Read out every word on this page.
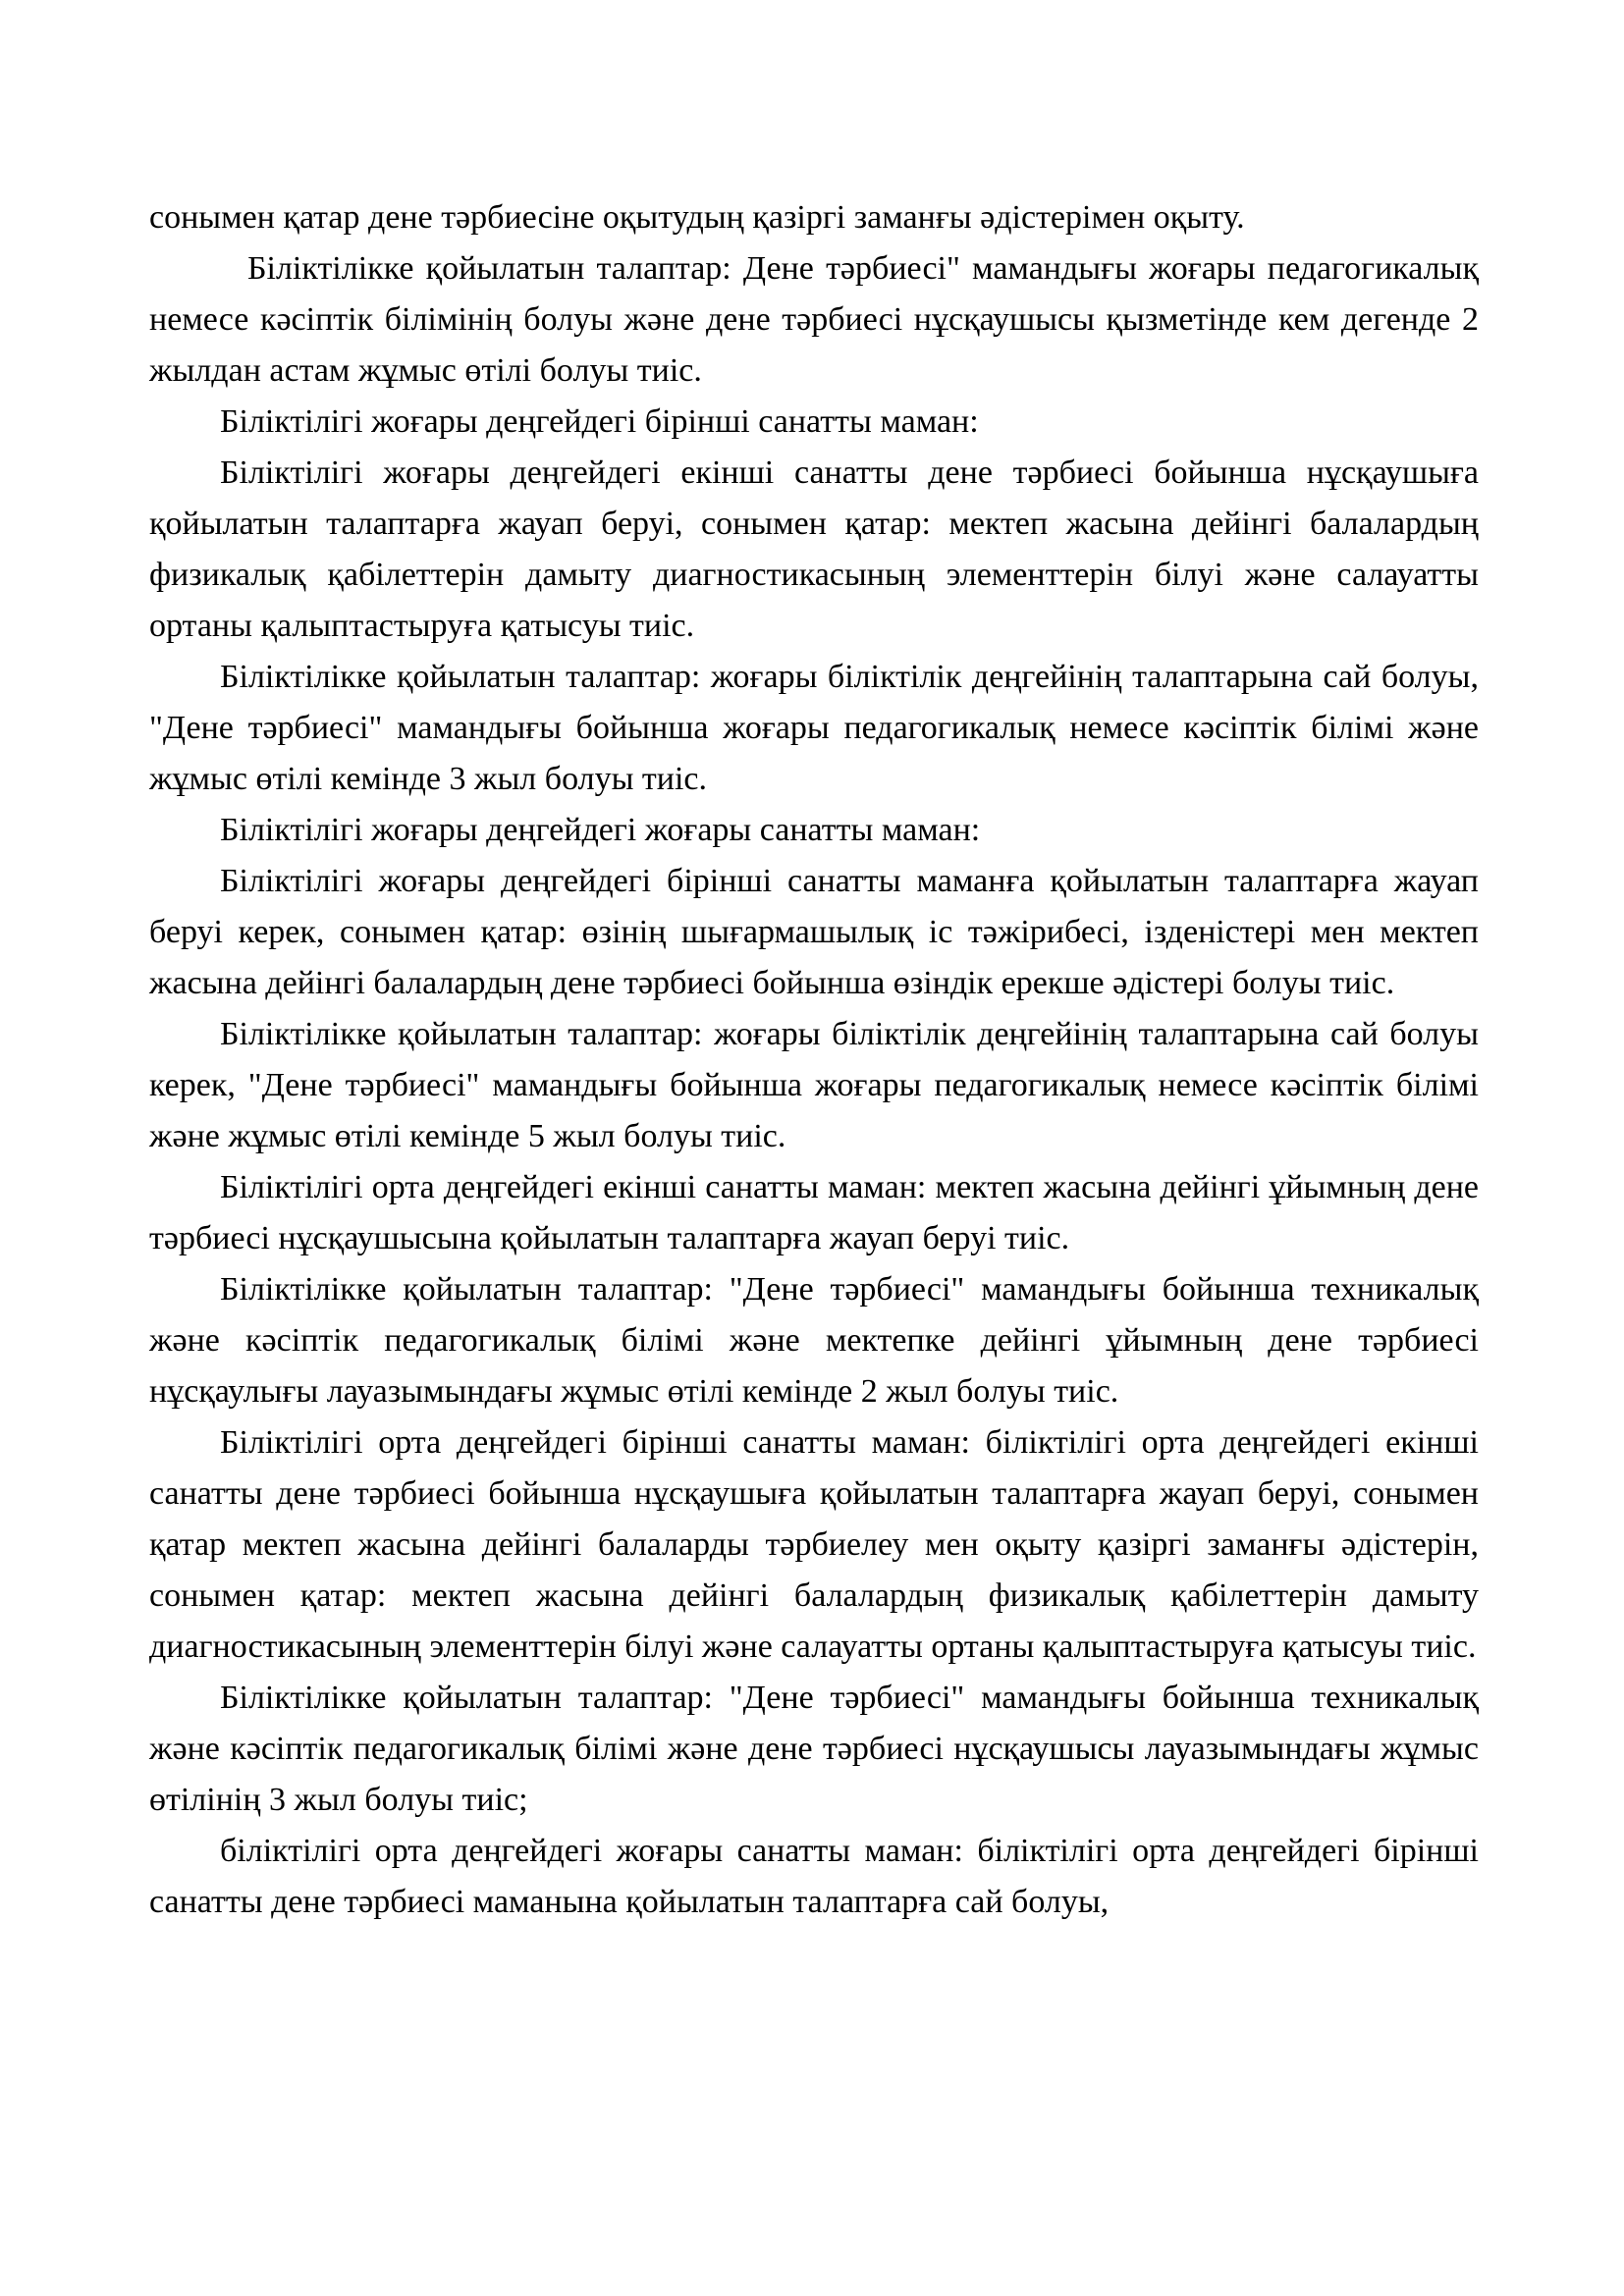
сонымен қатар дене тәрбиесіне оқытудың қазіргі заманғы әдістерімен оқыту.

Біліктілікке қойылатын талаптар: Дене тәрбиесі" мамандығы жоғары педагогикалық немесе кәсіптік білімінің болуы және дене тәрбиесі нұсқаушысы қызметінде кем дегенде 2 жылдан астам жұмыс өтілі болуы тиіс.

Біліктілігі жоғары деңгейдегі бірінші санатты маман:

Біліктілігі жоғары деңгейдегі екінші санатты дене тәрбиесі бойынша нұсқаушыға қойылатын талаптарға жауап беруі, сонымен қатар: мектеп жасына дейінгі балалардың физикалық қабілеттерін дамыту диагностикасының элементтерін білуі және салауатты ортаны қалыптастыруға қатысуы тиіс.

Біліктілікке қойылатын талаптар: жоғары біліктілік деңгейінің талаптарына сай болуы, "Дене тәрбиесі" мамандығы бойынша жоғары педагогикалық немесе кәсіптік білімі және жұмыс өтілі кемінде 3 жыл болуы тиіс.

Біліктілігі жоғары деңгейдегі жоғары санатты маман:

Біліктілігі жоғары деңгейдегі бірінші санатты маманға қойылатын талаптарға жауап беруі керек, сонымен қатар: өзінің шығармашылық іс тәжірибесі, ізденістері мен мектеп жасына дейінгі балалардың дене тәрбиесі бойынша өзіндік ерекше әдістері болуы тиіс.

Біліктілікке қойылатын талаптар: жоғары біліктілік деңгейінің талаптарына сай болуы керек, "Дене тәрбиесі" мамандығы бойынша жоғары педагогикалық немесе кәсіптік білімі және жұмыс өтілі кемінде 5 жыл болуы тиіс.

Біліктілігі орта деңгейдегі екінші санатты маман: мектеп жасына дейінгі ұйымның дене тәрбиесі нұсқаушысына қойылатын талаптарға жауап беруі тиіс.

Біліктілікке қойылатын талаптар: "Дене тәрбиесі" мамандығы бойынша техникалық және кәсіптік педагогикалық білімі және мектепке дейінгі ұйымның дене тәрбиесі нұсқаулығы лауазымындағы жұмыс өтілі кемінде 2 жыл болуы тиіс.

Біліктілігі орта деңгейдегі бірінші санатты маман: біліктілігі орта деңгейдегі екінші санатты дене тәрбиесі бойынша нұсқаушыға қойылатын талаптарға жауап беруі, сонымен қатар мектеп жасына дейінгі балаларды тәрбиелеу мен оқыту қазіргі заманғы әдістерін, сонымен қатар: мектеп жасына дейінгі балалардың физикалық қабілеттерін дамыту диагностикасының элементтерін білуі және салауатты ортаны қалыптастыруға қатысуы тиіс.

Біліктілікке қойылатын талаптар: "Дене тәрбиесі" мамандығы бойынша техникалық және кәсіптік педагогикалық білімі және дене тәрбиесі нұсқаушысы лауазымындағы жұмыс өтілінің 3 жыл болуы тиіс;

біліктілігі орта деңгейдегі жоғары санатты маман: біліктілігі орта деңгейдегі бірінші санатты дене тәрбиесі маманына қойылатын талаптарға сай болуы,
